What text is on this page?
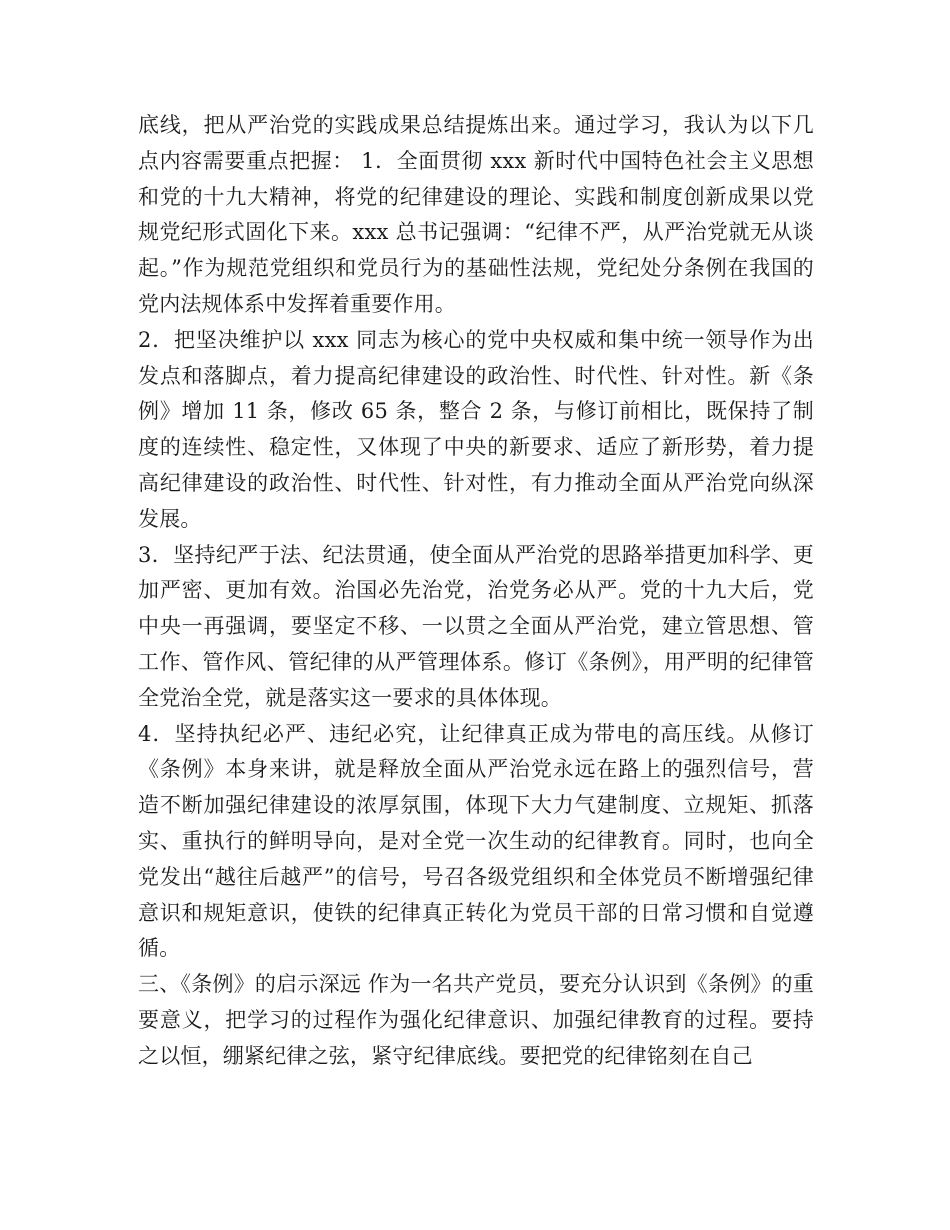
底线，把从严治党的实践成果总结提炼出来。通过学习，我认为以下几点内容需要重点把握： 1．全面贯彻 xxx 新时代中国特色社会主义思想和党的十九大精神，将党的纪律建设的理论、实践和制度创新成果以党规党纪形式固化下来。xxx 总书记强调：“纪律不严，从严治党就无从谈起。”作为规范党组织和党员行为的基础性法规，党纪处分条例在我国的党内法规体系中发挥着重要作用。

2．把坚决维护以 xxx 同志为核心的党中央权威和集中统一领导作为出发点和落脚点，着力提高纪律建设的政治性、时代性、针对性。新《条例》增加 11 条，修改 65 条，整合 2 条，与修订前相比，既保持了制度的连续性、稳定性，又体现了中央的新要求、适应了新形势，着力提高纪律建设的政治性、时代性、针对性，有力推动全面从严治党向纵深发展。

3．坚持纪严于法、纪法贯通，使全面从严治党的思路举措更加科学、更加严密、更加有效。治国必先治党，治党务必从严。党的十九大后，党中央一再强调，要坚定不移、一以贯之全面从严治党，建立管思想、管工作、管作风、管纪律的从严管理体系。修订《条例》，用严明的纪律管全党治全党，就是落实这一要求的具体体现。

4．坚持执纪必严、违纪必究，让纪律真正成为带电的高压线。从修订《条例》本身来讲，就是释放全面从严治党永远在路上的强烈信号，营造不断加强纪律建设的浓厚氛围，体现下大力气建制度、立规矩、抓落实、重执行的鲜明导向，是对全党一次生动的纪律教育。同时，也向全党发出“越往后越严”的信号，号召各级党组织和全体党员不断增强纪律意识和规矩意识，使铁的纪律真正转化为党员干部的日常习惯和自觉遵循。

三、《条例》的启示深远 作为一名共产党员，要充分认识到《条例》的重要意义，把学习的过程作为强化纪律意识、加强纪律教育的过程。要持之以恒，绷紧纪律之弦，紧守纪律底线。要把党的纪律铭刻在自己
